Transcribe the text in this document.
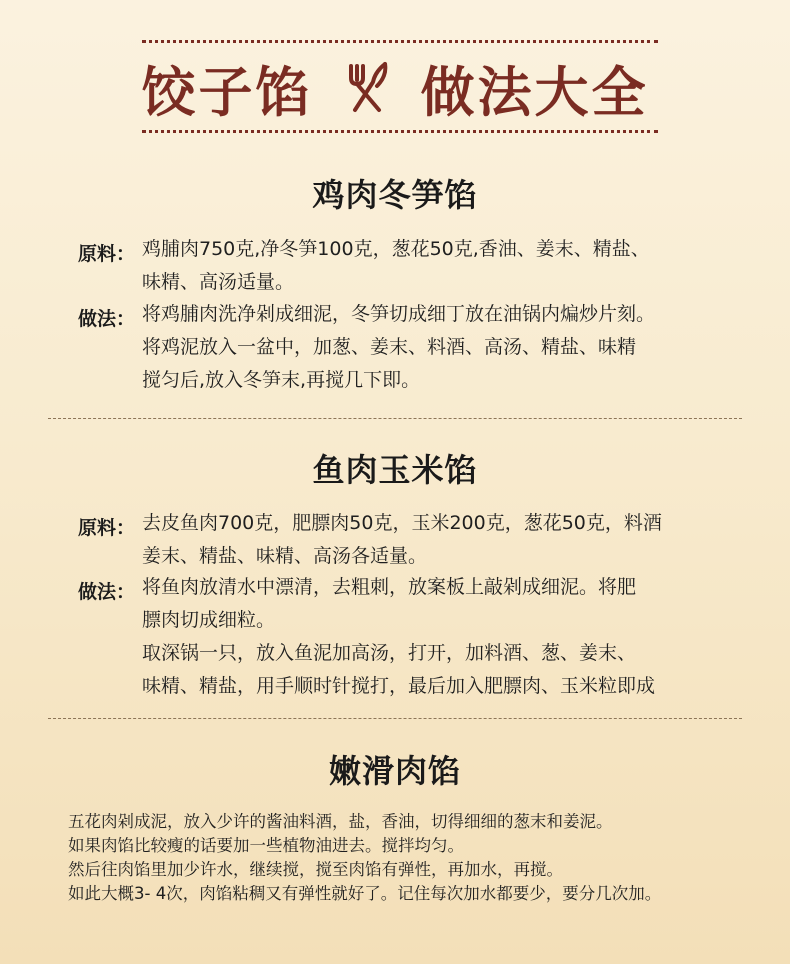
饺子馅 做法大全
鸡肉冬笋馅
原料： 鸡脯肉750克,净冬笋100克，葱花50克,香油、姜末、精盐、

味精、高汤适量。

做法： 将鸡脯肉洗净剁成细泥，冬笋切成细丁放在油锅内煸炒片刻。

将鸡泥放入一盆中，加葱、姜末、料酒、高汤、精盐、味精

搅匀后,放入冬笋末,再搅几下即。

鱼肉玉米馅
原料： 去皮鱼肉700克，肥膘肉50克，玉米200克，葱花50克，料酒

姜末、精盐、味精、高汤各适量。

做法： 将鱼肉放清水中漂清，去粗刺，放案板上敲剁成细泥。将肥

膘肉切成细粒。

取深锅一只，放入鱼泥加高汤，打开，加料酒、葱、姜末、

味精、精盐，用手顺时针搅打，最后加入肥膘肉、玉米粒即成

嫩滑肉馅

五花肉剁成泥，放入少许的酱油料酒，盐，香油，切得细细的葱末和姜泥。

如果肉馅比较瘦的话要加一些植物油进去。搅拌均匀。

然后往肉馅里加少许水，继续搅，搅至肉馅有弹性，再加水，再搅。

如此大概3- 4次，肉馅粘稠又有弹性就好了。记住每次加水都要少，要分几次加。
